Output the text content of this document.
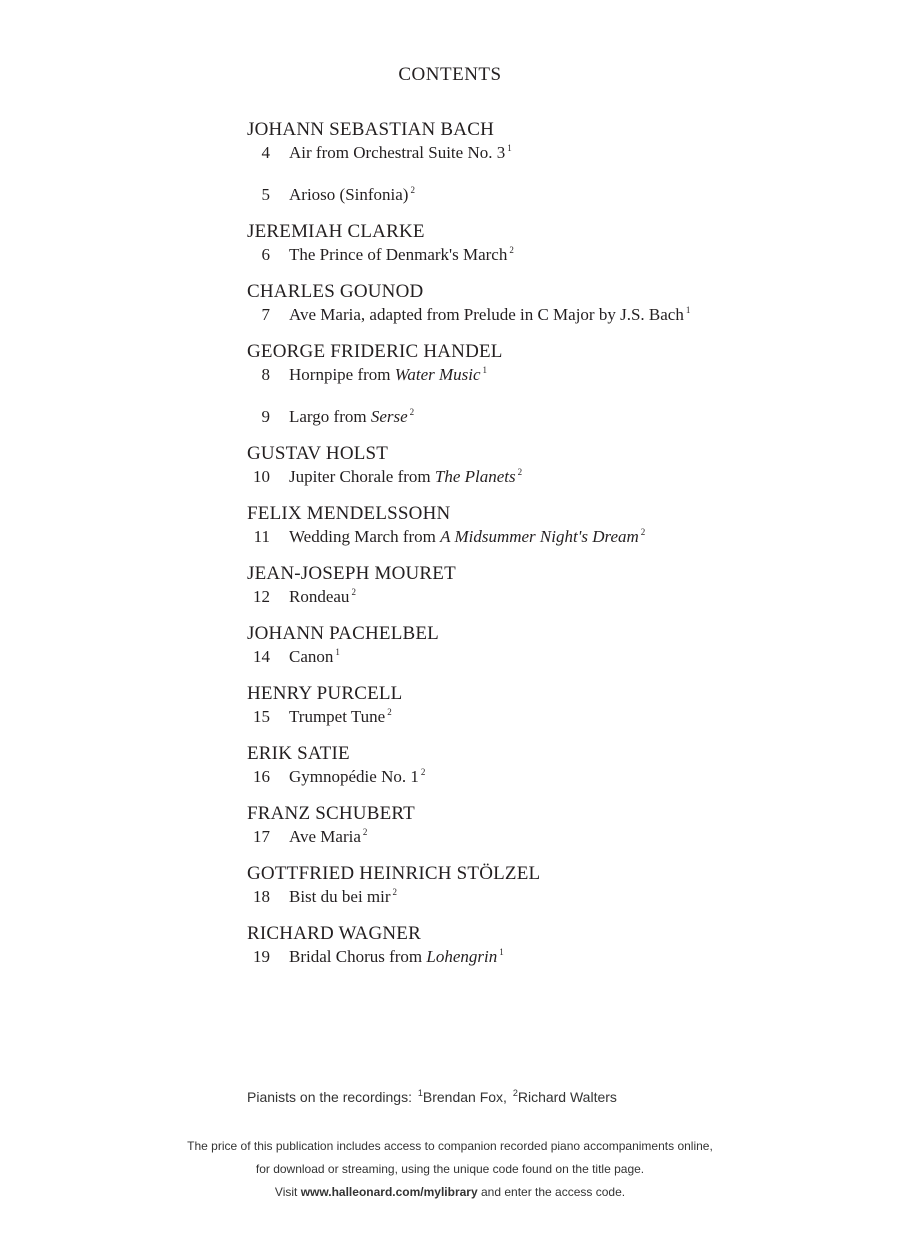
CONTENTS
JOHANN SEBASTIAN BACH
4	Air from Orchestral Suite No. 3 $^1$
5	Arioso (Sinfonia) $^2$
JEREMIAH CLARKE
6	The Prince of Denmark's March $^2$
CHARLES GOUNOD
7	Ave Maria, adapted from Prelude in C Major by J.S. Bach $^1$
GEORGE FRIDERIC HANDEL
8	Hornpipe from Water Music $^1$
9	Largo from Serse $^2$
GUSTAV HOLST
10	Jupiter Chorale from The Planets $^2$
FELIX MENDELSSOHN
11	Wedding March from A Midsummer Night's Dream $^2$
JEAN-JOSEPH MOURET
12	Rondeau $^2$
JOHANN PACHELBEL
14	Canon $^1$
HENRY PURCELL
15	Trumpet Tune $^2$
ERIK SATIE
16	Gymnopédie No. 1 $^2$
FRANZ SCHUBERT
17	Ave Maria $^2$
GOTTFRIED HEINRICH STÖLZEL
18	Bist du bei mir $^2$
RICHARD WAGNER
19	Bridal Chorus from Lohengrin $^1$
Pianists on the recordings: $^1$Brendan Fox, $^2$Richard Walters
The price of this publication includes access to companion recorded piano accompaniments online,
for download or streaming, using the unique code found on the title page.
Visit www.halleonard.com/mylibrary and enter the access code.
